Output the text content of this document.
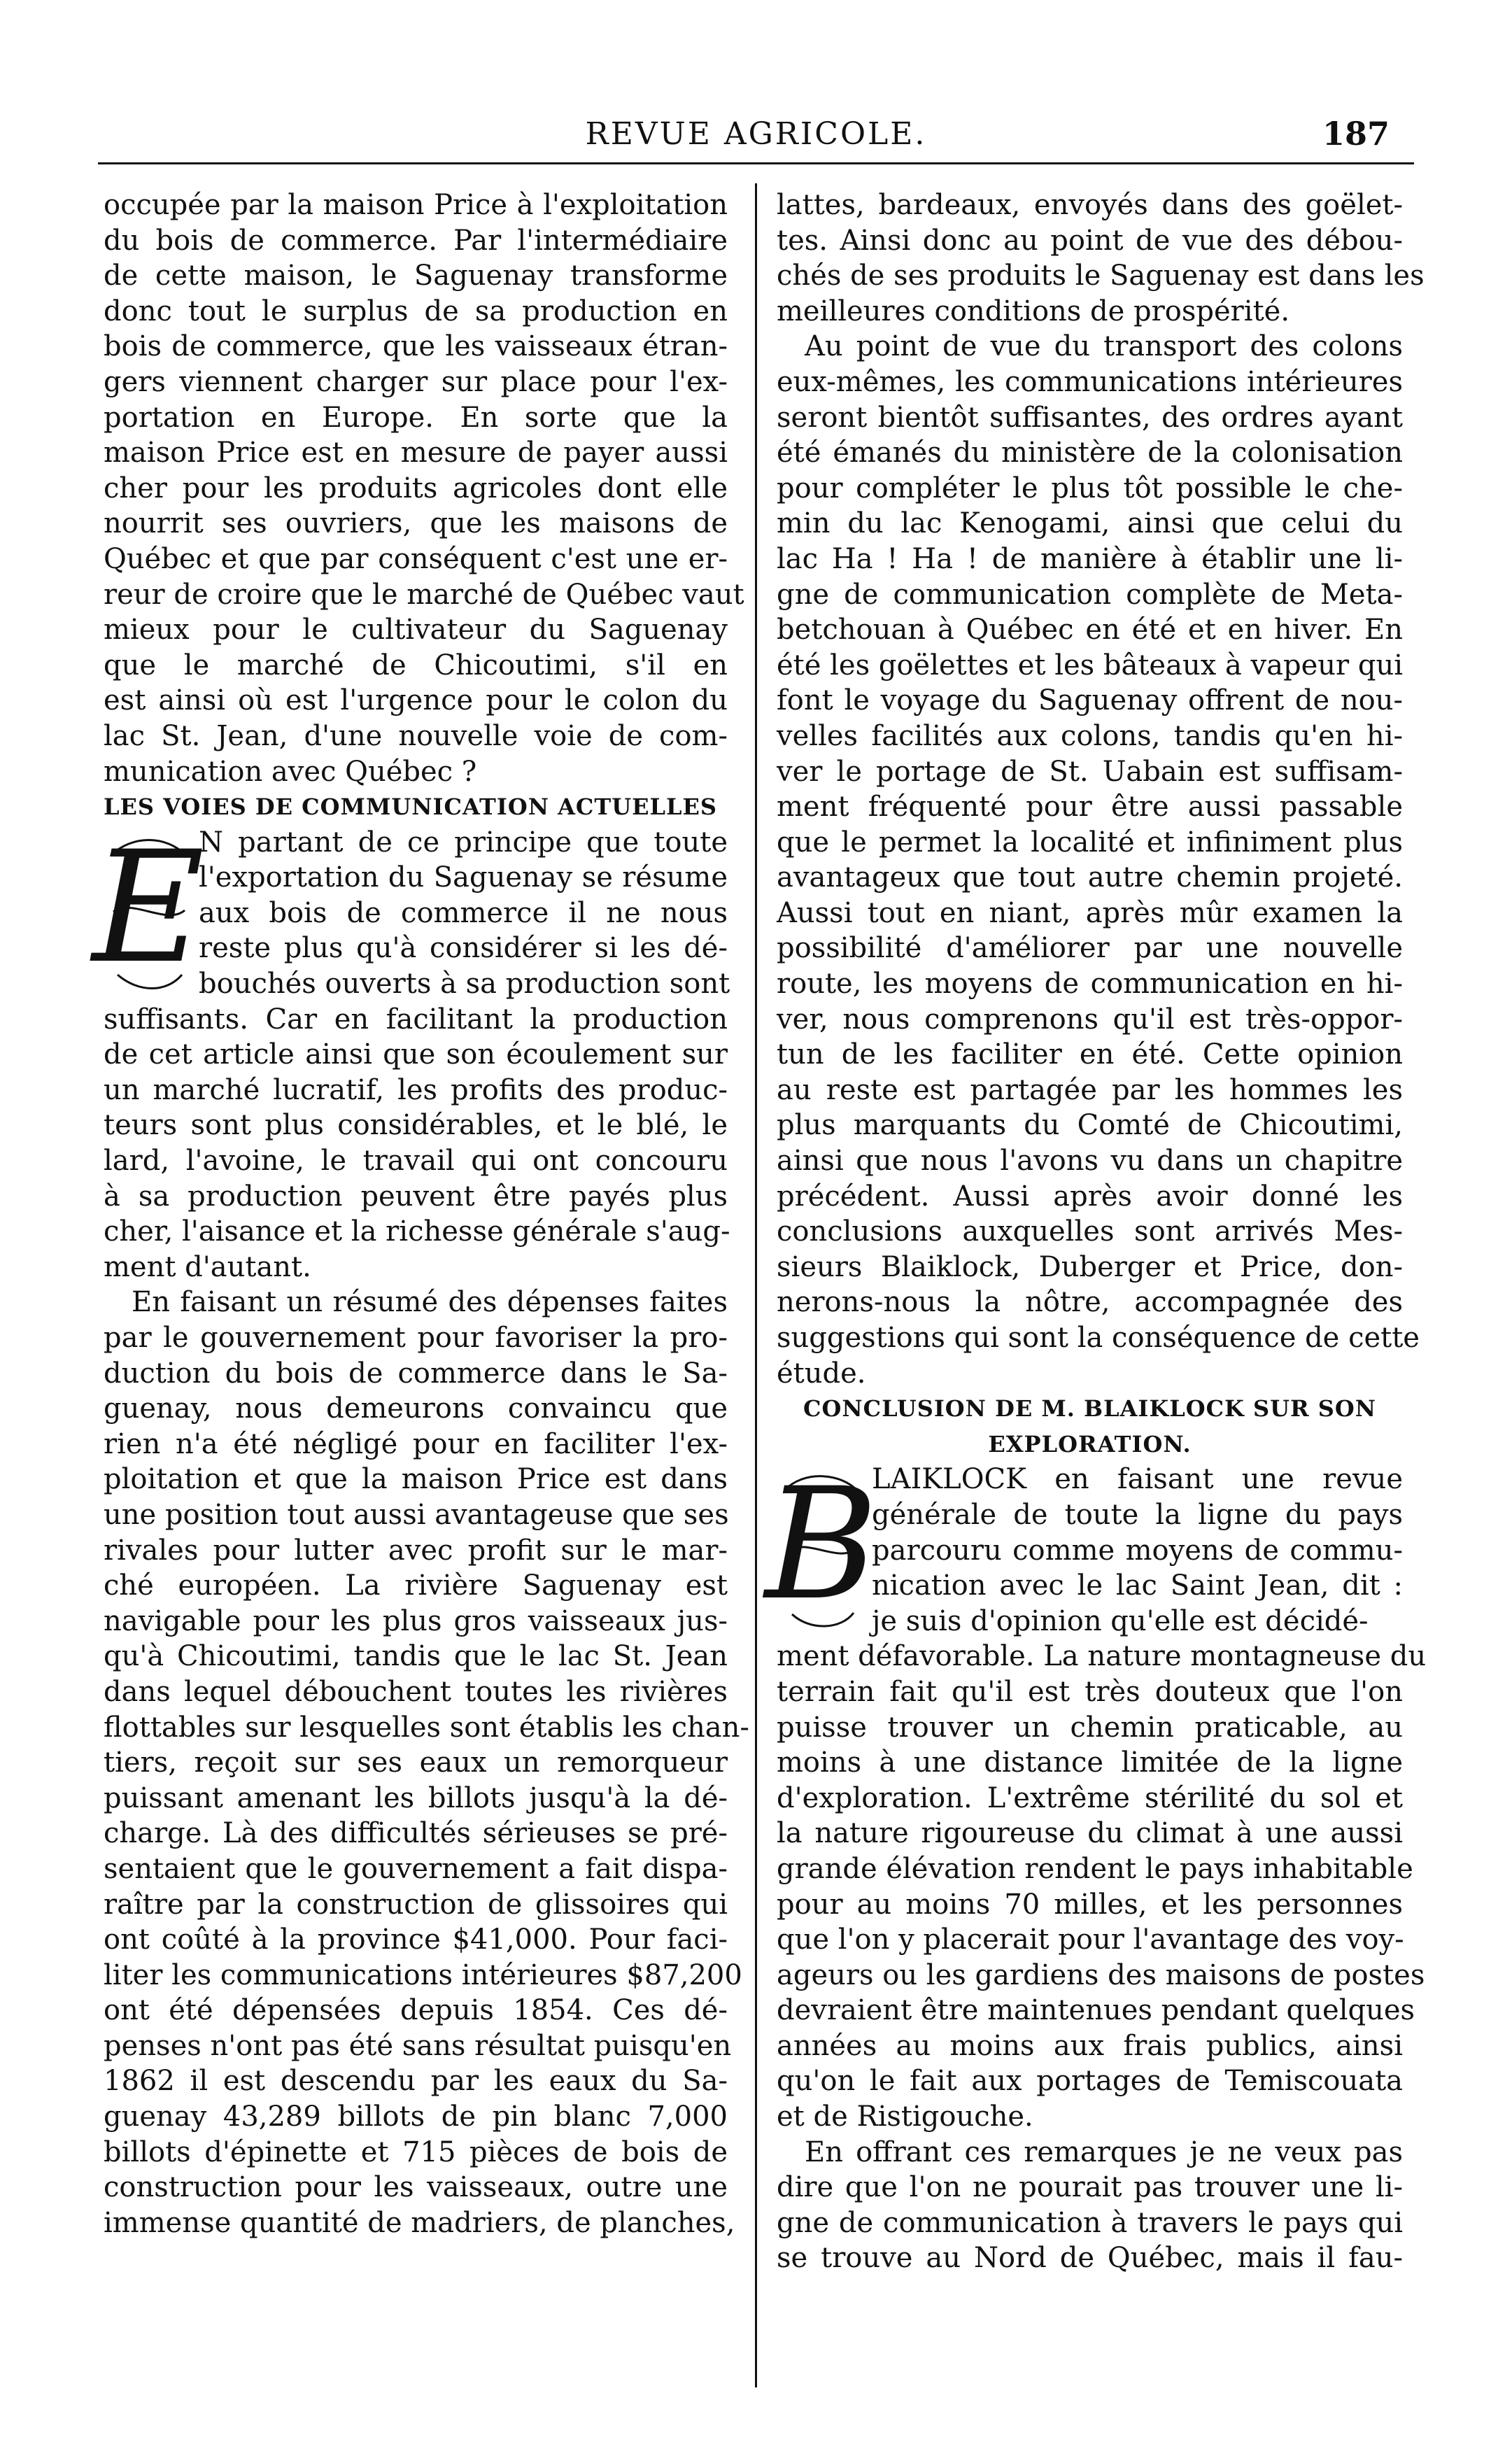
REVUE AGRICOLE.	187
occupée par la maison Price à l'exploitation
du bois de commerce. Par l'intermédiaire
de cette maison, le Saguenay transforme
donc tout le surplus de sa production en
bois de commerce, que les vaisseaux étran-
gers viennent charger sur place pour l'ex-
portation en Europe. En sorte que la
maison Price est en mesure de payer aussi
cher pour les produits agricoles dont elle
nourrit ses ouvriers, que les maisons de
Québec et que par conséquent c'est une er-
reur de croire que le marché de Québec vaut
mieux pour le cultivateur du Saguenay
que le marché de Chicoutimi, s'il en
est ainsi où est l'urgence pour le colon du
lac St. Jean, d'une nouvelle voie de com-
munication avec Québec ?
LES VOIES DE COMMUNICATION ACTUELLES
E
N partant de ce principe que toute
l'exportation du Saguenay se résume
aux bois de commerce il ne nous
reste plus qu'à considérer si les dé-
bouchés ouverts à sa production sont
suffisants. Car en facilitant la production
de cet article ainsi que son écoulement sur
un marché lucratif, les profits des produc-
teurs sont plus considérables, et le blé, le
lard, l'avoine, le travail qui ont concouru
à sa production peuvent être payés plus
cher, l'aisance et la richesse générale s'aug-
ment d'autant.
En faisant un résumé des dépenses faites
par le gouvernement pour favoriser la pro-
duction du bois de commerce dans le Sa-
guenay, nous demeurons convaincu que
rien n'a été négligé pour en faciliter l'ex-
ploitation et que la maison Price est dans
une position tout aussi avantageuse que ses
rivales pour lutter avec profit sur le mar-
ché européen. La rivière Saguenay est
navigable pour les plus gros vaisseaux jus-
qu'à Chicoutimi, tandis que le lac St. Jean
dans lequel débouchent toutes les rivières
flottables sur lesquelles sont établis les chan-
tiers, reçoit sur ses eaux un remorqueur
puissant amenant les billots jusqu'à la dé-
charge. Là des difficultés sérieuses se pré-
sentaient que le gouvernement a fait dispa-
raître par la construction de glissoires qui
ont coûté à la province $41,000. Pour faci-
liter les communications intérieures $87,200
ont été dépensées depuis 1854. Ces dé-
penses n'ont pas été sans résultat puisqu'en
1862 il est descendu par les eaux du Sa-
guenay 43,289 billots de pin blanc 7,000
billots d'épinette et 715 pièces de bois de
construction pour les vaisseaux, outre une
immense quantité de madriers, de planches,
lattes, bardeaux, envoyés dans des goëlet-
tes. Ainsi donc au point de vue des débou-
chés de ses produits le Saguenay est dans les
meilleures conditions de prospérité.
Au point de vue du transport des colons
eux-mêmes, les communications intérieures
seront bientôt suffisantes, des ordres ayant
été émanés du ministère de la colonisation
pour compléter le plus tôt possible le che-
min du lac Kenogami, ainsi que celui du
lac Ha ! Ha ! de manière à établir une li-
gne de communication complète de Meta-
betchouan à Québec en été et en hiver. En
été les goëlettes et les bâteaux à vapeur qui
font le voyage du Saguenay offrent de nou-
velles facilités aux colons, tandis qu'en hi-
ver le portage de St. Uabain est suffisam-
ment fréquenté pour être aussi passable
que le permet la localité et infiniment plus
avantageux que tout autre chemin projeté.
Aussi tout en niant, après mûr examen la
possibilité d'améliorer par une nouvelle
route, les moyens de communication en hi-
ver, nous comprenons qu'il est très-oppor-
tun de les faciliter en été. Cette opinion
au reste est partagée par les hommes les
plus marquants du Comté de Chicoutimi,
ainsi que nous l'avons vu dans un chapitre
précédent. Aussi après avoir donné les
conclusions auxquelles sont arrivés Mes-
sieurs Blaiklock, Duberger et Price, don-
nerons-nous la nôtre, accompagnée des
suggestions qui sont la conséquence de cette
étude.
CONCLUSION DE M. BLAIKLOCK SUR SON
EXPLORATION.
B
LAIKLOCK en faisant une revue
générale de toute la ligne du pays
parcouru comme moyens de commu-
nication avec le lac Saint Jean, dit :
je suis d'opinion qu'elle est décidé-
ment défavorable. La nature montagneuse du
terrain fait qu'il est très douteux que l'on
puisse trouver un chemin praticable, au
moins à une distance limitée de la ligne
d'exploration. L'extrême stérilité du sol et
la nature rigoureuse du climat à une aussi
grande élévation rendent le pays inhabitable
pour au moins 70 milles, et les personnes
que l'on y placerait pour l'avantage des voy-
ageurs ou les gardiens des maisons de postes
devraient être maintenues pendant quelques
années au moins aux frais publics, ainsi
qu'on le fait aux portages de Temiscouata
et de Ristigouche.
En offrant ces remarques je ne veux pas
dire que l'on ne pourait pas trouver une li-
gne de communication à travers le pays qui
se trouve au Nord de Québec, mais il fau-
